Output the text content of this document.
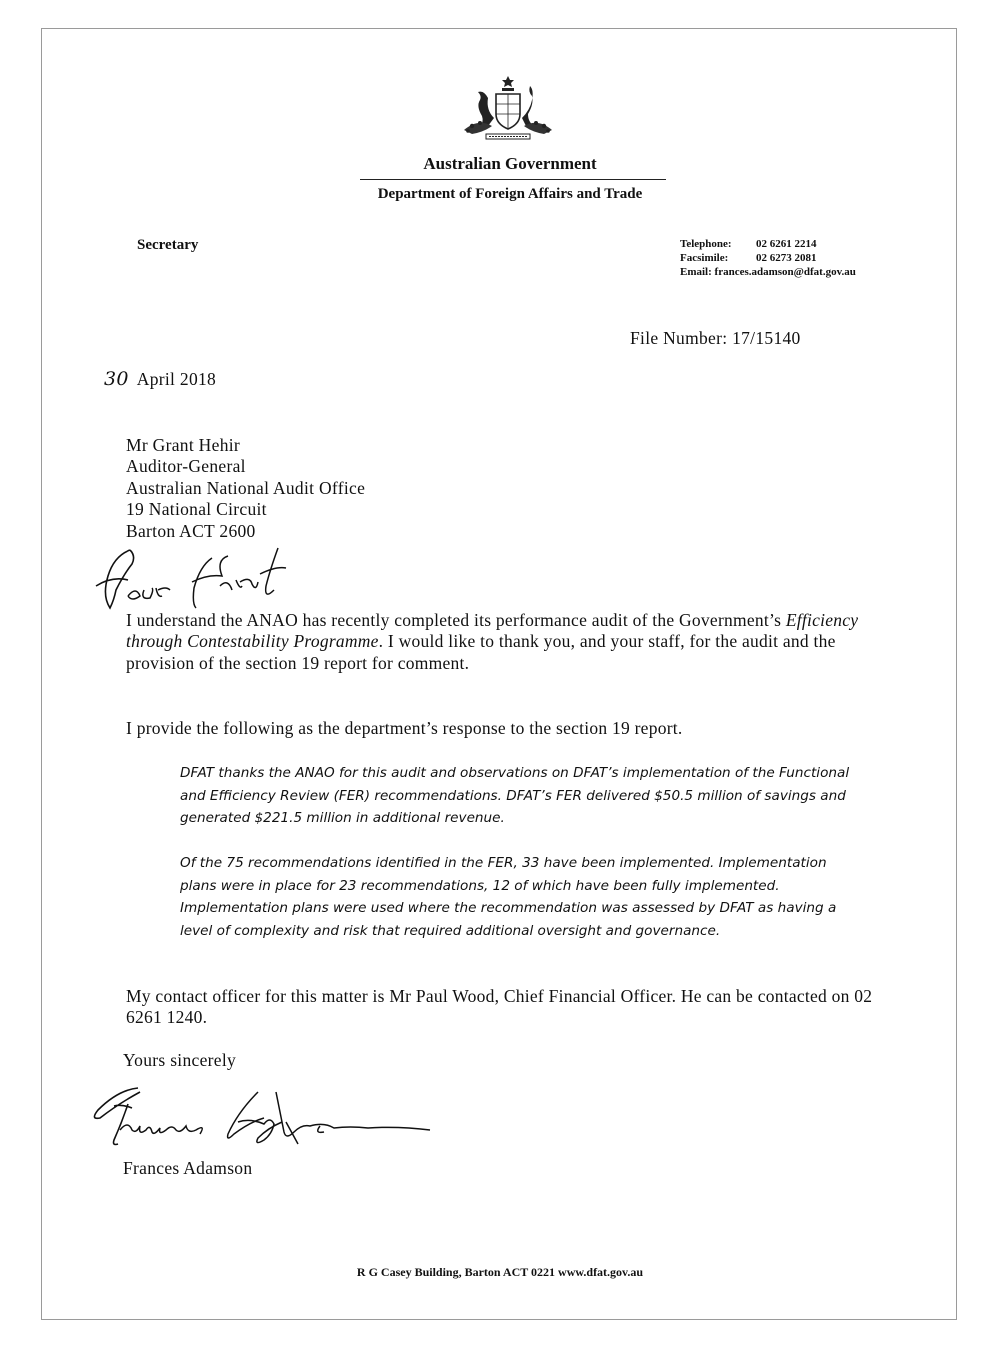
Australian Government
Department of Foreign Affairs and Trade
Secretary	Telephone: 02 6261 2214
Facsimile:	02 6273 2081
Email: frances.adamson@dfat.gov.au
File Number: 17/15140
30 April 2018
Mr Grant Hehir
Auditor-General
Australian National Audit Office
19 National Circuit
Barton ACT 2600
I understand the ANAO has recently completed its performance audit of the Government’s Efficiency through Contestability Programme. I would like to thank you, and your staff, for the audit and the provision of the section 19 report for comment.
I provide the following as the department’s response to the section 19 report.
DFAT thanks the ANAO for this audit and observations on DFAT’s implementation of the Functional and Efficiency Review (FER) recommendations. DFAT’s FER delivered $50.5 million of savings and generated $221.5 million in additional revenue.
Of the 75 recommendations identified in the FER, 33 have been implemented. Implementation plans were in place for 23 recommendations, 12 of which have been fully implemented. Implementation plans were used where the recommendation was assessed by DFAT as having a level of complexity and risk that required additional oversight and governance.
My contact officer for this matter is Mr Paul Wood, Chief Financial Officer. He can be contacted on 02 6261 1240.
Yours sincerely
Frances Adamson
R G Casey Building, Barton ACT 0221 www.dfat.gov.au
